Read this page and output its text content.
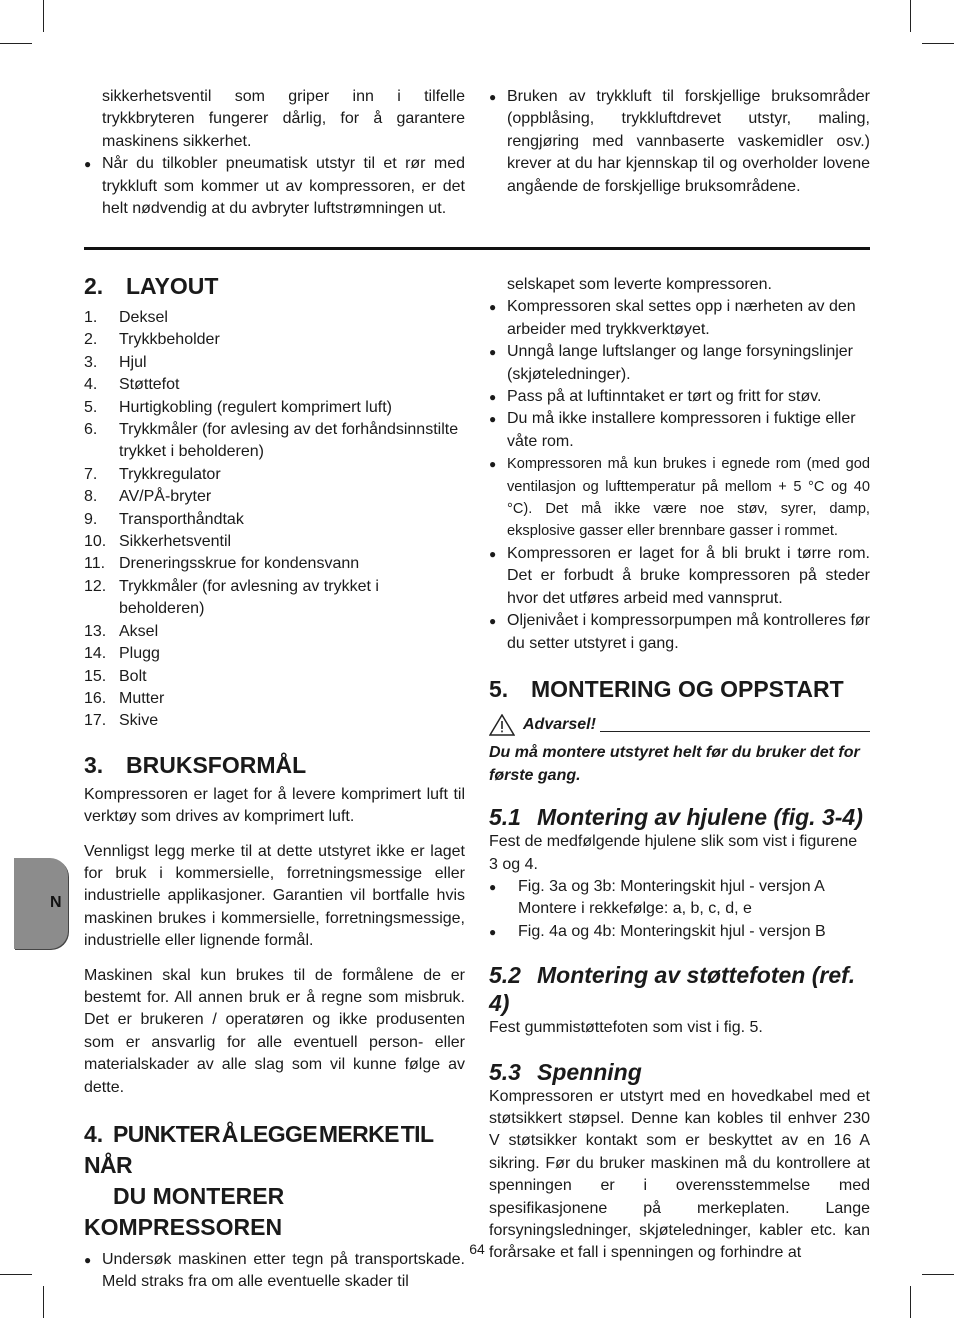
sikkerhetsventil som griper inn i tilfelle trykkbryteren fungerer dårlig, for å garantere maskinens sikkerhet.

● Når du tilkobler pneumatisk utstyr til et rør med trykkluft som kommer ut av kompressoren, er det helt nødvendig at du avbryter luftstrømningen ut.

● Bruken av trykkluft til forskjellige bruksområder (oppblåsing, trykkluftdrevet utstyr, maling, rengjøring med vannbaserte vaskemidler osv.) krever at du har kjennskap til og overholder lovene angående de forskjellige bruksområdene.

2. LAYOUT
1. Deksel
2. Trykkbeholder
3. Hjul
4. Støttefot
5. Hurtigkobling (regulert komprimert luft)
6. Trykkmåler (for avlesing av det forhåndsinnstilte trykket i beholderen)
7. Trykkregulator
8. AV/PÅ-bryter
9. Transporthåndtak
10. Sikkerhetsventil
11. Dreneringsskrue for kondensvann
12. Trykkmåler (for avlesning av trykket i beholderen)
13. Aksel
14. Plugg
15. Bolt
16. Mutter
17. Skive
3. BRUKSFORMÅL

Kompressoren er laget for å levere komprimert luft til verktøy som drives av komprimert luft.

Vennligst legg merke til at dette utstyret ikke er laget for bruk i kommersielle, forretningsmessige eller industrielle applikasjoner. Garantien vil bortfalle hvis maskinen brukes i kommersielle, forretningsmessige, industrielle eller lignende formål.

Maskinen skal kun brukes til de formålene de er bestemt for. All annen bruk er å regne som misbruk. Det er brukeren / operatøren og ikke produsenten som er ansvarlig for alle eventuell person- eller materialskader av alle slag som vil kunne følge av dette.

4. PUNKTER Å LEGGE MERKE TIL NÅR
DU MONTERER KOMPRESSOREN

● Undersøk maskinen etter tegn på transportskade. Meld straks fra om alle eventuelle skader til

selskapet som leverte kompressoren.

● Kompressoren skal settes opp i nærheten av den arbeider med trykkverktøyet.

● Unngå lange luftslanger og lange forsyningslinjer (skjøteledninger).

● Pass på at luftinntaket er tørt og fritt for støv.

● Du må ikke installere kompressoren i fuktige eller våte rom.

● Kompressoren må kun brukes i egnede rom (med god ventilasjon og lufttemperatur på mellom + 5 °C og 40 °C). Det må ikke være noe støv, syrer, damp, eksplosive gasser eller brennbare gasser i rommet.

● Kompressoren er laget for å bli brukt i tørre rom. Det er forbudt å bruke kompressoren på steder hvor det utføres arbeid med vannsprut.

● Oljenivået i kompressorpumpen må kontrolleres før du setter utstyret i gang.

5. MONTERING OG OPPSTART
Advarsel!

Du må montere utstyret helt før du bruker det for første gang.

5.1 Montering av hjulene (fig. 3-4)

Fest de medfølgende hjulene slik som vist i figurene 3 og 4.

● Fig. 3a og 3b: Monteringskit hjul - versjon A Montere i rekkefølge: a, b, c, d, e

● Fig. 4a og 4b: Monteringskit hjul - versjon B

5.2 Montering av støttefoten (ref. 4)

Fest gummistøttefoten som vist i fig. 5.

5.3 Spenning

Kompressoren er utstyrt med en hovedkabel med et støtsikkert støpsel. Denne kan kobles til enhver 230 V støtsikker kontakt som er beskyttet av en 16 A sikring. Før du bruker maskinen må du kontrollere at spenningen er i overensstemmelse med spesifikasjonene på merkeplaten. Lange forsyningsledninger, skjøteledninger, kabler etc. kan forårsake et fall i spenningen og forhindre at

N
64
